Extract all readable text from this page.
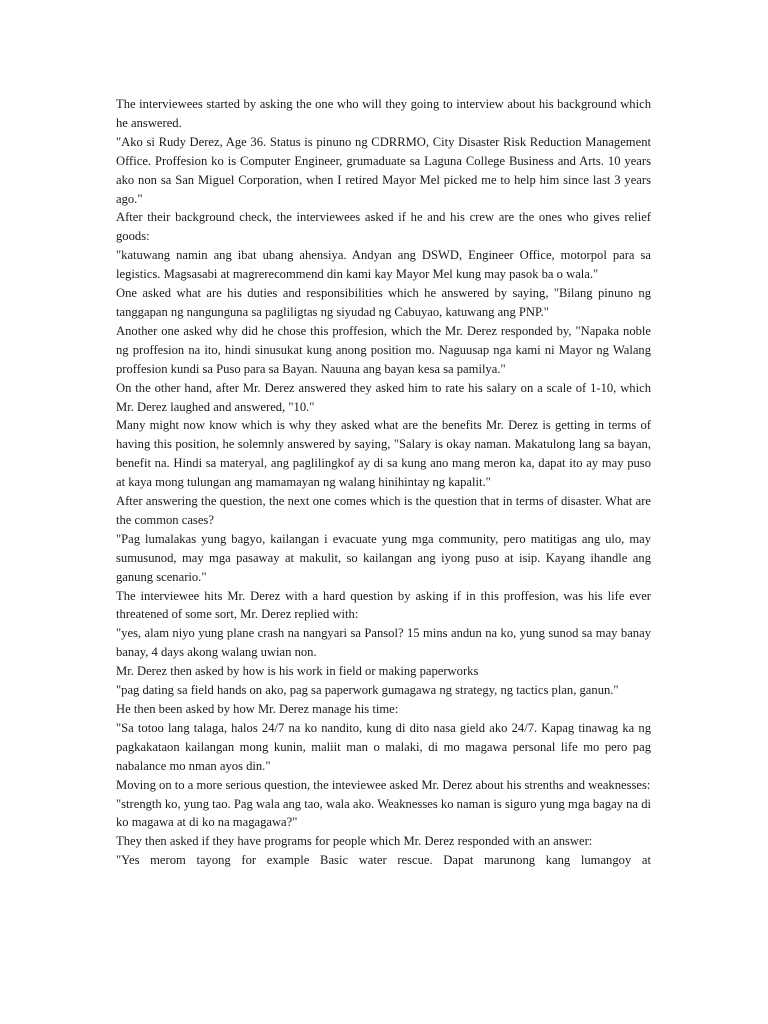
The interviewees started by asking the one who will they going to interview about his background which he answered.

"Ako si Rudy Derez, Age 36. Status is pinuno ng CDRRMO, City Disaster Risk Reduction Management Office. Proffesion ko is Computer Engineer, grumaduate sa Laguna College Business and Arts. 10 years ako non sa San Miguel Corporation, when I retired Mayor Mel picked me to help him since last 3 years ago."

After their background check, the interviewees asked if he and his crew are the ones who gives relief goods:

"katuwang namin ang ibat ubang ahensiya. Andyan ang DSWD, Engineer Office, motorpol para sa legistics. Magsasabi at magrerecommend din kami kay Mayor Mel kung may pasok ba o wala."

One asked what are his duties and responsibilities which he answered by saying, "Bilang pinuno ng tanggapan ng nangunguna sa pagliligtas ng siyudad ng Cabuyao, katuwang ang PNP."

Another one asked why did he chose this proffesion, which the Mr. Derez responded by, "Napaka noble ng proffesion na ito, hindi sinusukat kung anong position mo. Naguusap nga kami ni Mayor ng Walang proffesion kundi sa Puso para sa Bayan. Nauuna ang bayan kesa sa pamilya."

On the other hand, after Mr. Derez answered they asked him to rate his salary on a scale of 1-10, which Mr. Derez laughed and answered, "10."

Many might now know which is why they asked what are the benefits Mr. Derez is getting in terms of having this position, he solemnly answered by saying, "Salary is okay naman. Makatulong lang sa bayan, benefit na. Hindi sa materyal, ang paglilingkof ay di sa kung ano mang meron ka, dapat ito ay may puso at kaya mong tulungan ang mamamayan ng walang hinihintay ng kapalit."

After answering the question, the next one comes which is the question that in terms of disaster. What are the common cases?

"Pag lumalakas yung bagyo, kailangan i evacuate yung mga community, pero matitigas ang ulo, may  sumusunod, may mga pasaway at makulit, so kailangan ang iyong puso at isip. Kayang ihandle ang ganung scenario."

The interviewee hits Mr. Derez with a hard question by asking if in this proffesion, was his life ever threatened of some sort, Mr. Derez replied with:

"yes, alam niyo yung plane crash na nangyari sa Pansol? 15 mins andun na ko, yung sunod sa may banay banay, 4 days akong walang uwian non.

Mr. Derez then asked by how is his work in field or making paperworks

"pag dating sa field hands on ako, pag sa paperwork gumagawa ng strategy, ng tactics plan, ganun."

He then been asked by how Mr. Derez manage his time:

"Sa totoo lang talaga, halos 24/7 na ko nandito, kung di dito nasa gield ako 24/7. Kapag tinawag ka ng pagkakataon kailangan mong kunin, maliit man o malaki, di mo magawa personal life mo pero pag nabalance mo nman ayos din."

Moving on to a more serious question, the inteviewee asked Mr. Derez about his strenths and weaknesses:

"strength ko, yung tao. Pag wala ang tao, wala ako. Weaknesses ko naman is siguro yung mga bagay na di ko magawa at di ko na magagawa?"

They then asked if they have programs for people which Mr. Derez responded with an answer:

"Yes merom tayong for example Basic water rescue. Dapat marunong kang lumangoy at
